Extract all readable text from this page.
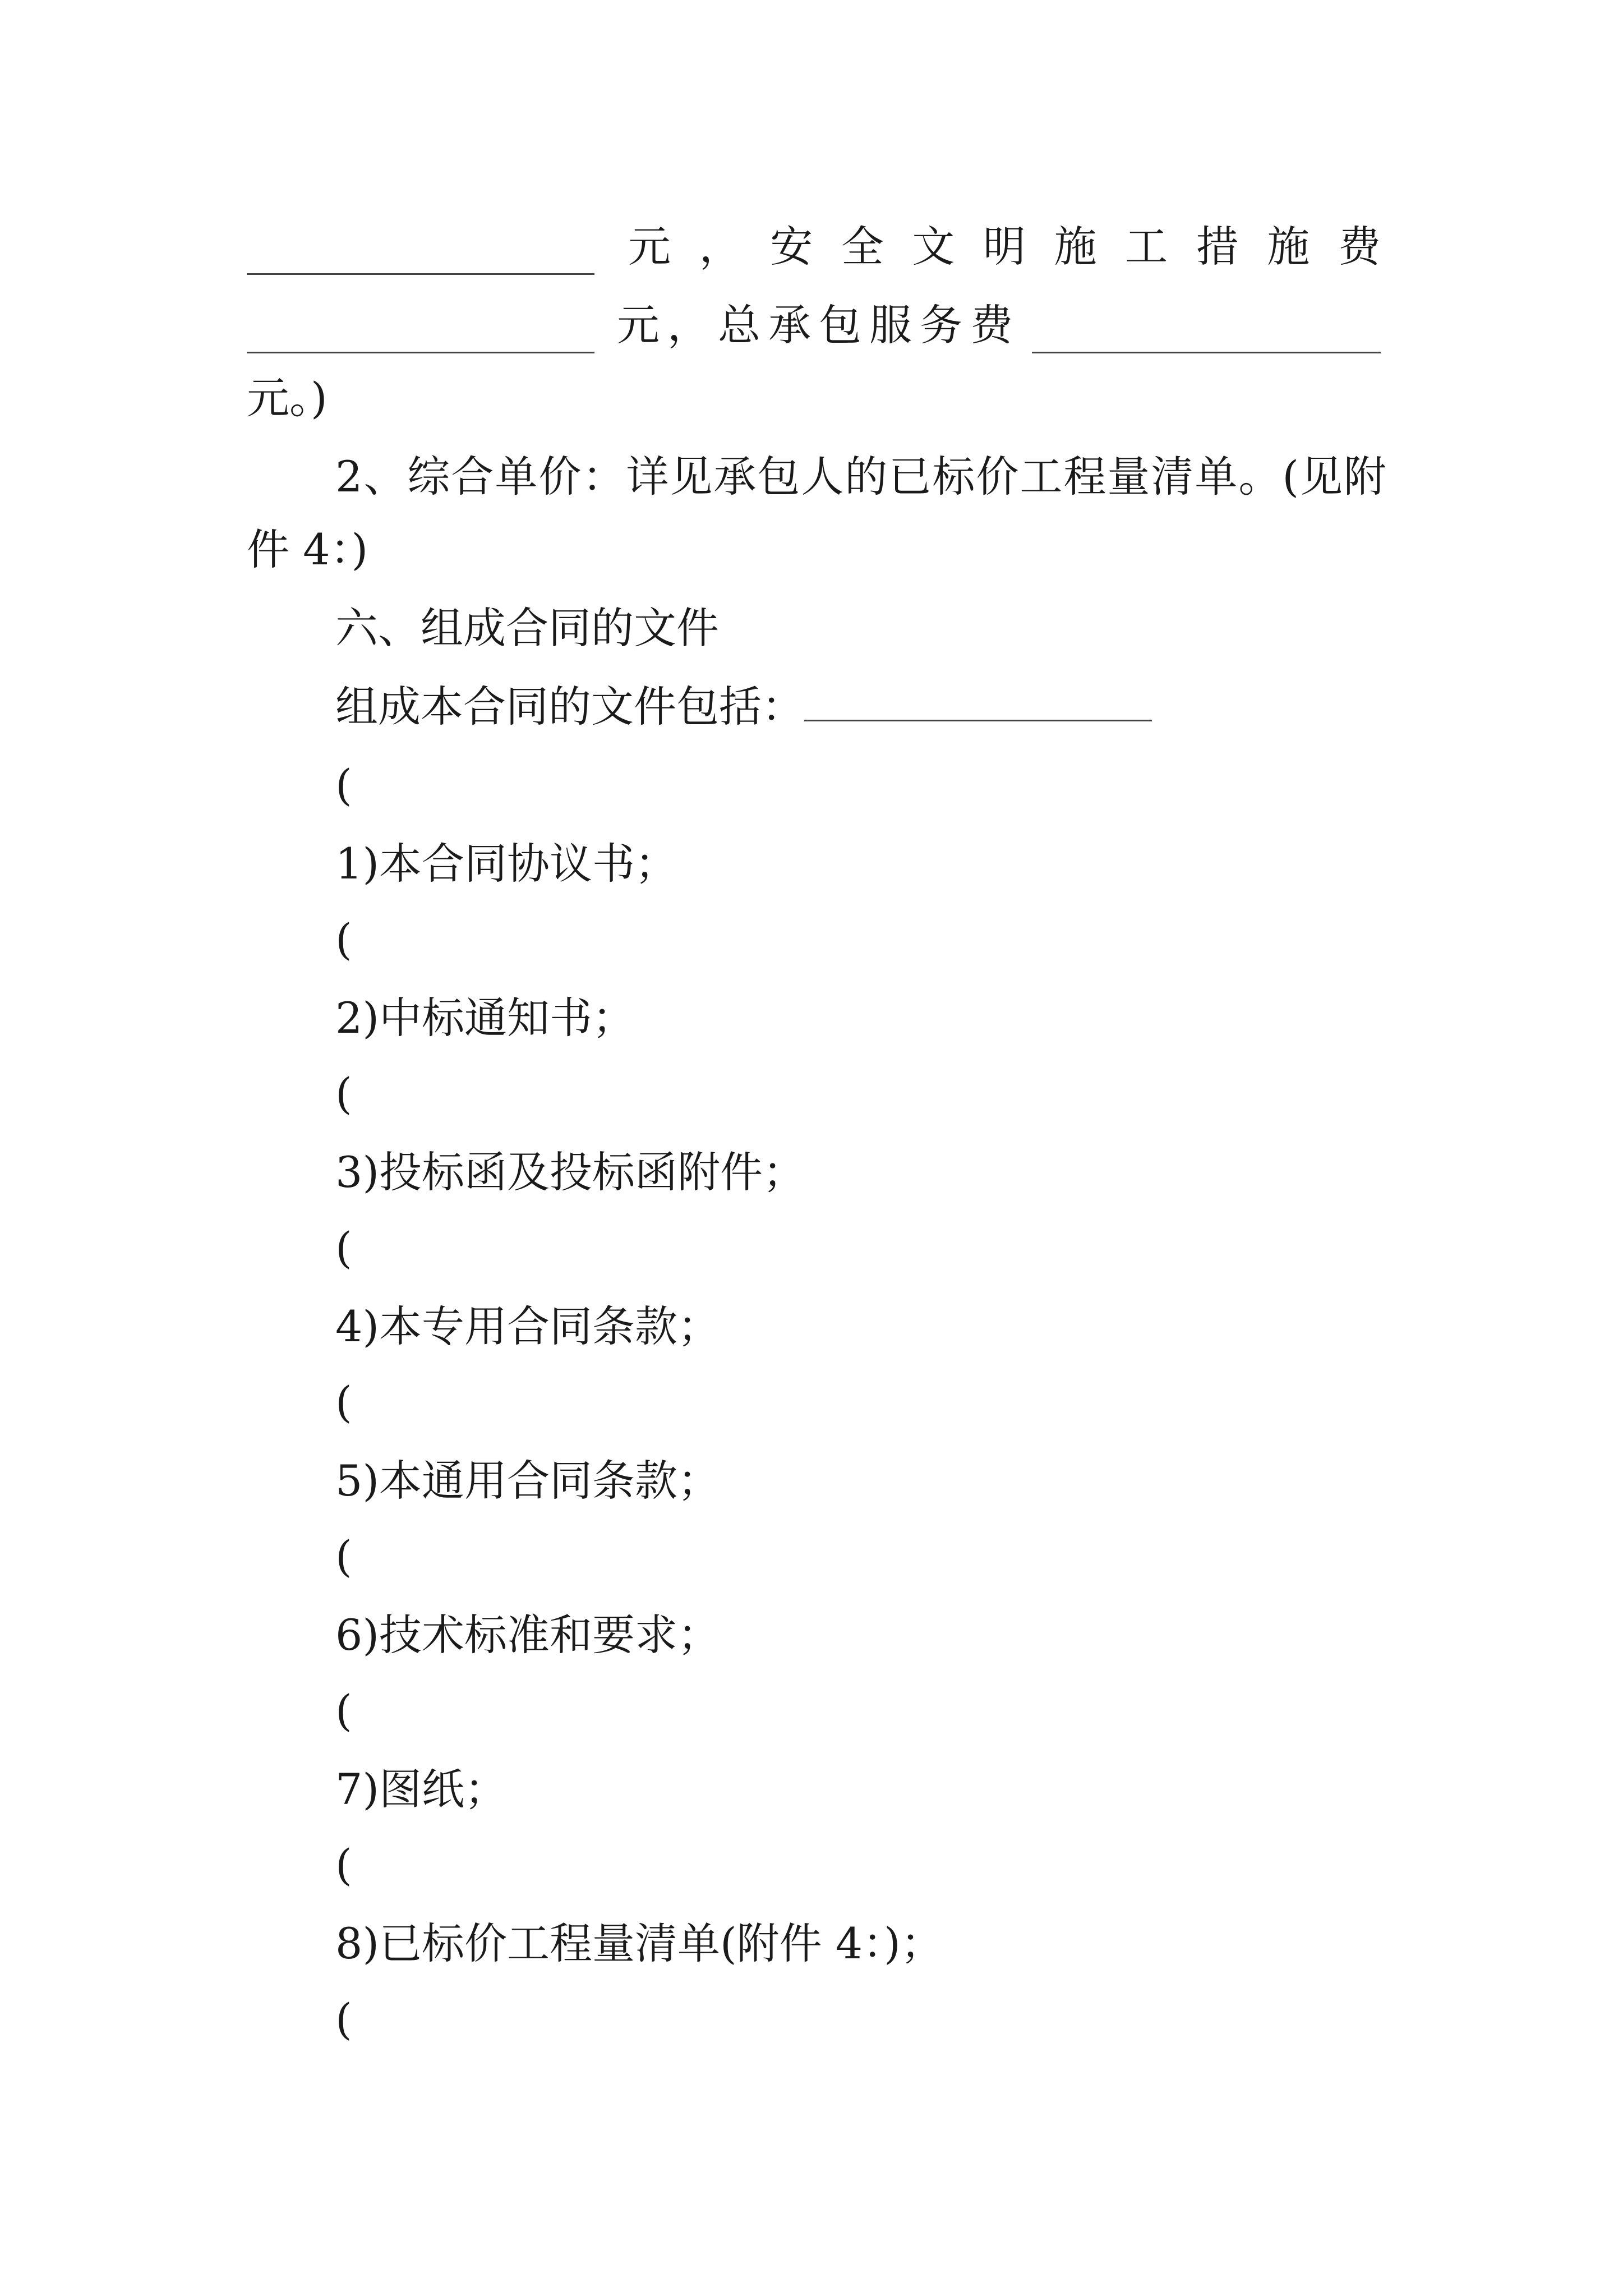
元 ， 安 全 文 明 施 工 措 施 费
元，总承包服务费
元。)
2、综合单价：详见承包人的已标价工程量清单。(见附
件 4：)
六、组成合同的文件
组成本合同的文件包括：
(
1)本合同协议书；
(
2)中标通知书；
(
3)投标函及投标函附件；
(
4)本专用合同条款；
(
5)本通用合同条款；
(
6)技术标准和要求；
(
7)图纸；
(
8)已标价工程量清单(附件 4：)；
(
